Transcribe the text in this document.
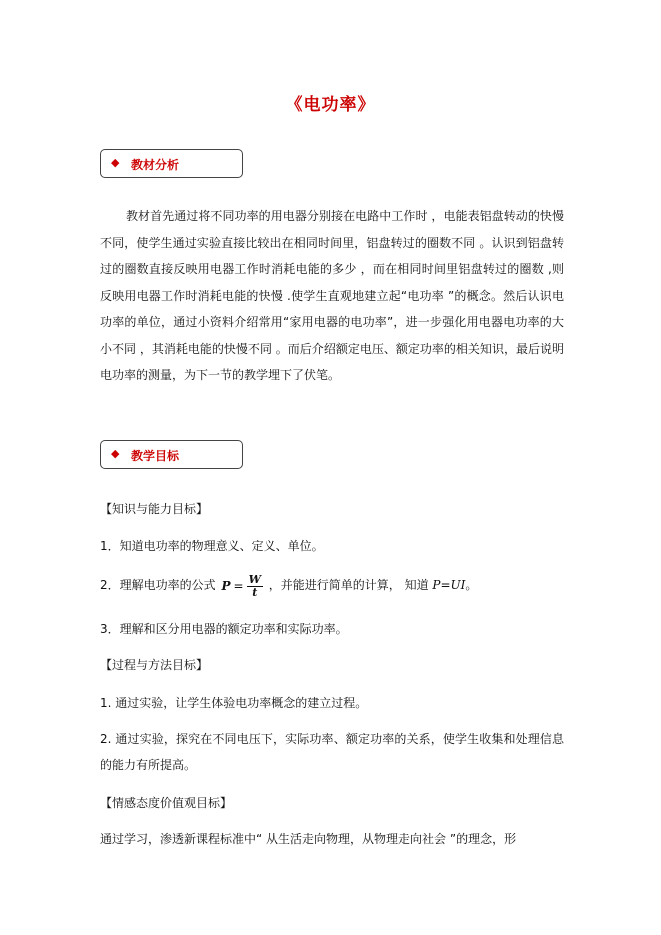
《电功率》
◆ 教材分析
教材首先通过将不同功率的用电器分别接在电路中工作时 ，电能表铝盘转动的快慢不同，使学生通过实验直接比较出在相同时间里，铝盘转过的圈数不同 。认识到铝盘转过的圈数直接反映用电器工作时消耗电能的多少 ，而在相同时间里铝盘转过的圈数 ,则反映用电器工作时消耗电能的快慢 .使学生直观地建立起“电功率 ”的概念。然后认识电功率的单位，通过小资料介绍常用“家用电器的电功率”，进一步强化用电器电功率的大小不同 ，其消耗电能的快慢不同 。而后介绍额定电压、额定功率的相关知识，最后说明电功率的测量，为下一节的教学埋下了伏笔。
◆ 教学目标
【知识与能力目标】
1．知道电功率的物理意义、定义、单位。
2．理解电功率的公式 $P = \frac{W}{t}$ ，并能进行简单的计算， 知道 P=UI。
3．理解和区分用电器的额定功率和实际功率。
【过程与方法目标】
1. 通过实验，让学生体验电功率概念的建立过程。
2. 通过实验，探究在不同电压下，实际功率、额定功率的关系，使学生收集和处理信息的能力有所提高。
【情感态度价值观目标】
通过学习，渗透新课程标准中“ 从生活走向物理，从物理走向社会 ”的理念，形
